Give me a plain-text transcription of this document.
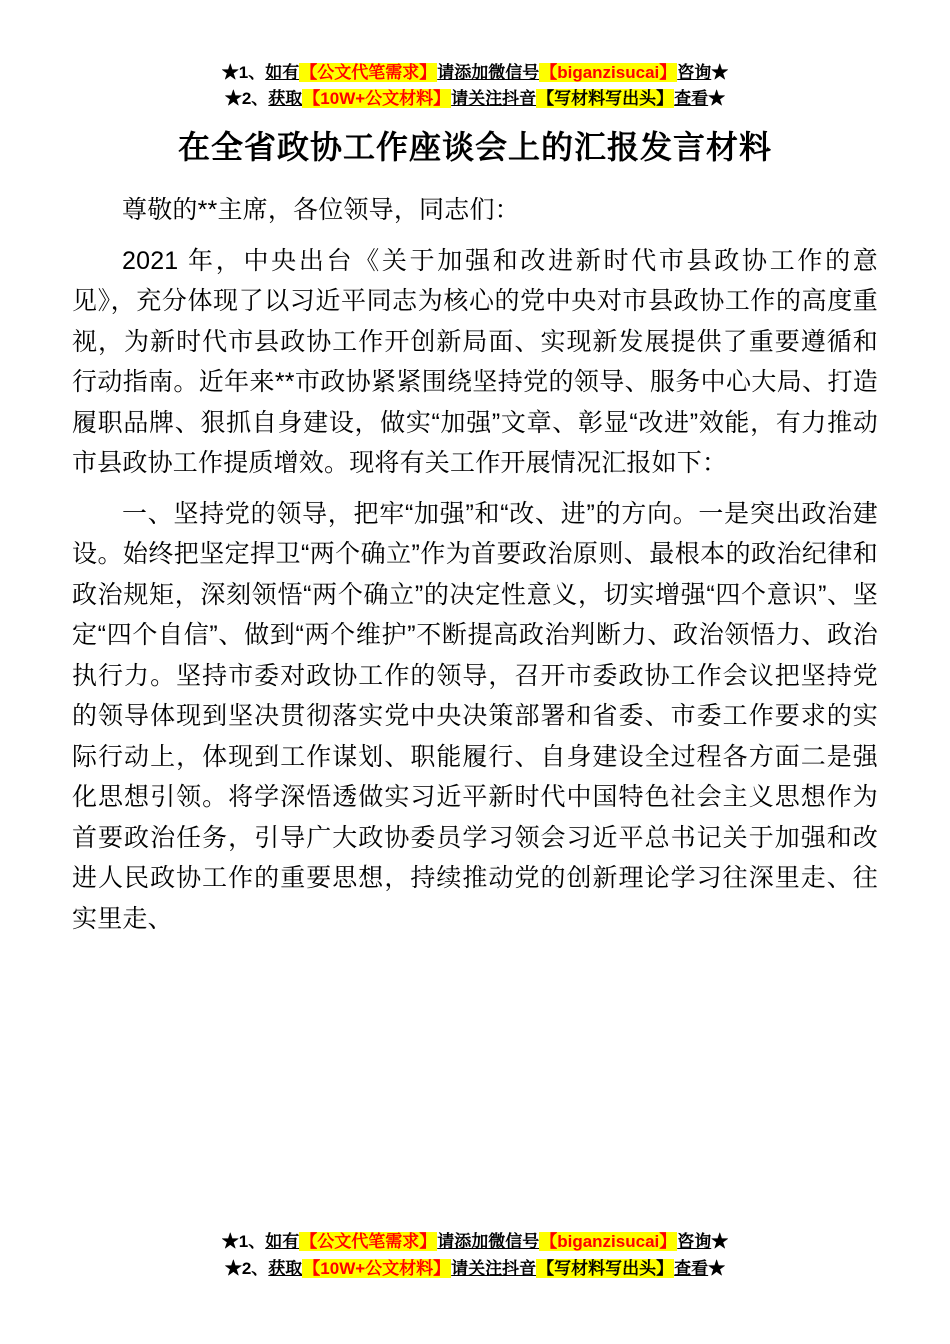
★1、如有【公文代笔需求】请添加微信号【biganzisucai】咨询★
★2、获取【10W+公文材料】请关注抖音【写材料写出头】查看★
在全省政协工作座谈会上的汇报发言材料

尊敬的**主席，各位领导，同志们：

2021 年，中央出台《关于加强和改进新时代市县政协工作的意见》，充分体现了以习近平同志为核心的党中央对市县政协工作的高度重视，为新时代市县政协工作开创新局面、实现新发展提供了重要遵循和行动指南。近年来**市政协紧紧围绕坚持党的领导、服务中心大局、打造履职品牌、狠抓自身建设，做实“加强”文章、彰显“改进”效能，有力推动市县政协工作提质增效。现将有关工作开展情况汇报如下：

一、坚持党的领导，把牢“加强”和“改、进”的方向。一是突出政治建设。始终把坚定捍卫“两个确立”作为首要政治原则、最根本的政治纪律和政治规矩，深刻领悟“两个确立”的决定性意义，切实增强“四个意识”、坚定“四个自信”、做到“两个维护”不断提高政治判断力、政治领悟力、政治执行力。坚持市委对政协工作的领导，召开市委政协工作会议把坚持党的领导体现到坚决贯彻落实党中央决策部署和省委、市委工作要求的实际行动上，体现到工作谋划、职能履行、自身建设全过程各方面二是强化思想引领。将学深悟透做实习近平新时代中国特色社会主义思想作为首要政治任务，引导广大政协委员学习领会习近平总书记关于加强和改进人民政协工作的重要思想，持续推动党的创新理论学习往深里走、往实里走、

★1、如有【公文代笔需求】请添加微信号【biganzisucai】咨询★
★2、获取【10W+公文材料】请关注抖音【写材料写出头】查看★
